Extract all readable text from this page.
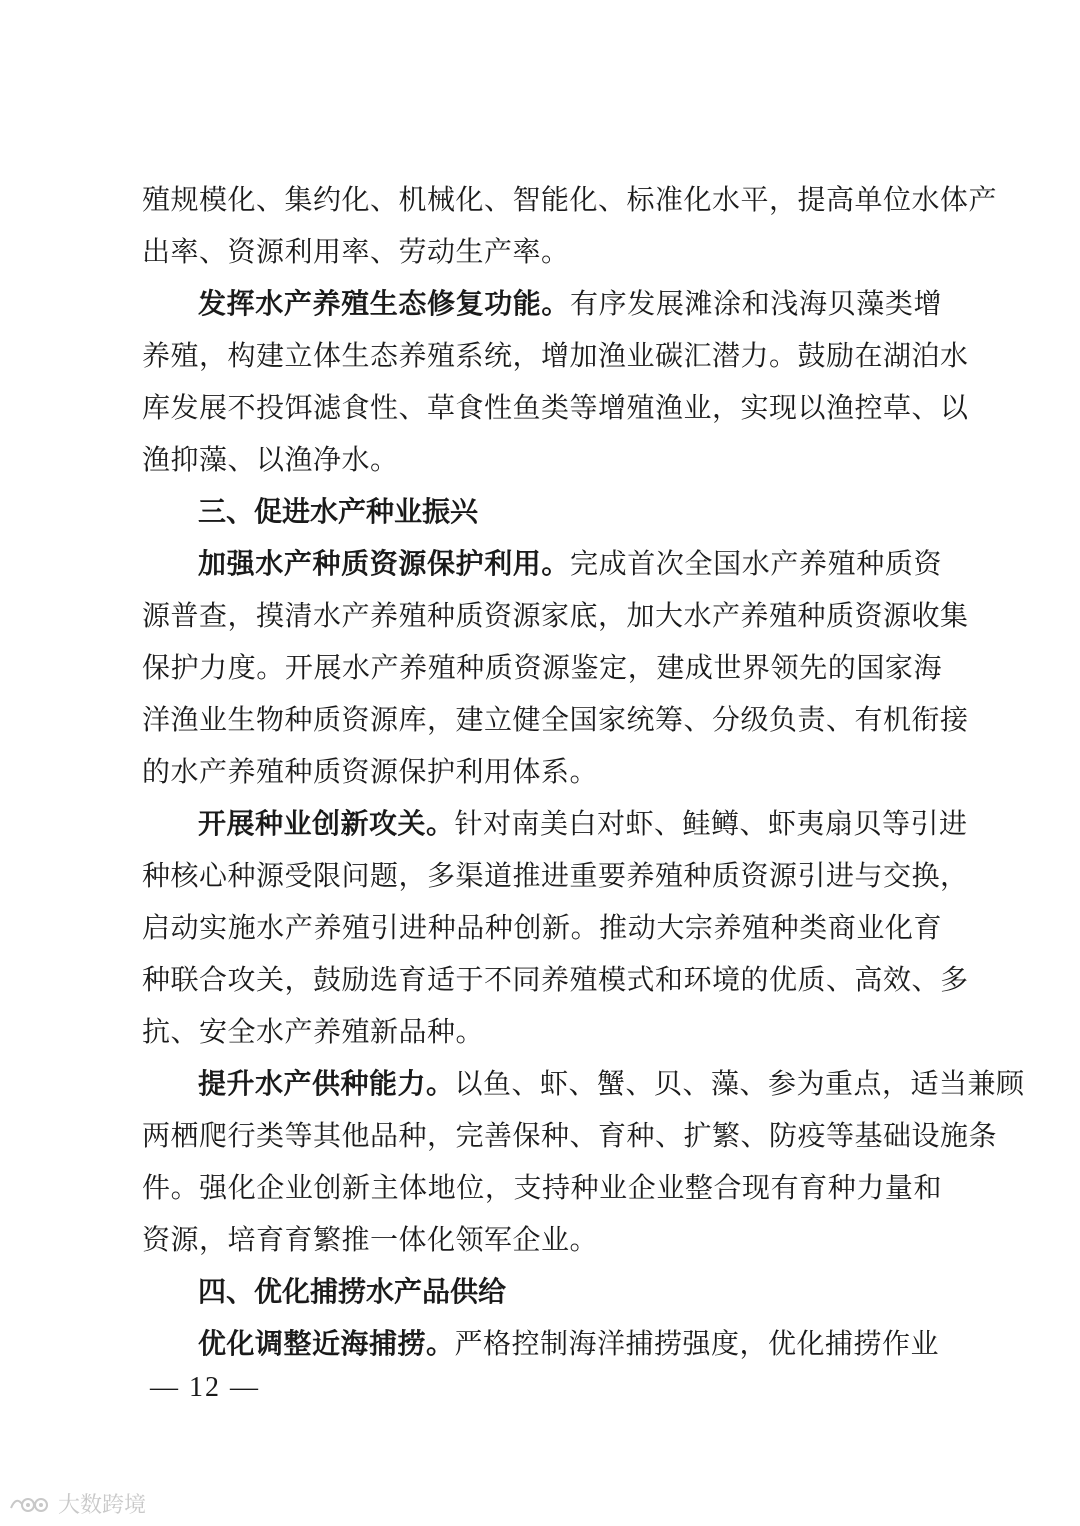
殖规模化、集约化、机械化、智能化、标准化水平，提高单位水体产
出率、资源利用率、劳动生产率。
发挥水产养殖生态修复功能。有序发展滩涂和浅海贝藻类增
养殖，构建立体生态养殖系统，增加渔业碳汇潜力。鼓励在湖泊水
库发展不投饵滤食性、草食性鱼类等增殖渔业，实现以渔控草、以
渔抑藻、以渔净水。
三、促进水产种业振兴
加强水产种质资源保护利用。完成首次全国水产养殖种质资
源普查，摸清水产养殖种质资源家底，加大水产养殖种质资源收集
保护力度。开展水产养殖种质资源鉴定，建成世界领先的国家海
洋渔业生物种质资源库，建立健全国家统筹、分级负责、有机衔接
的水产养殖种质资源保护利用体系。
开展种业创新攻关。针对南美白对虾、鲑鳟、虾夷扇贝等引进
种核心种源受限问题，多渠道推进重要养殖种质资源引进与交换，
启动实施水产养殖引进种品种创新。推动大宗养殖种类商业化育
种联合攻关，鼓励选育适于不同养殖模式和环境的优质、高效、多
抗、安全水产养殖新品种。
提升水产供种能力。以鱼、虾、蟹、贝、藻、参为重点，适当兼顾
两栖爬行类等其他品种，完善保种、育种、扩繁、防疫等基础设施条
件。强化企业创新主体地位，支持种业企业整合现有育种力量和
资源，培育育繁推一体化领军企业。
四、优化捕捞水产品供给
优化调整近海捕捞。严格控制海洋捕捞强度，优化捕捞作业
— 12 —
大数跨境
